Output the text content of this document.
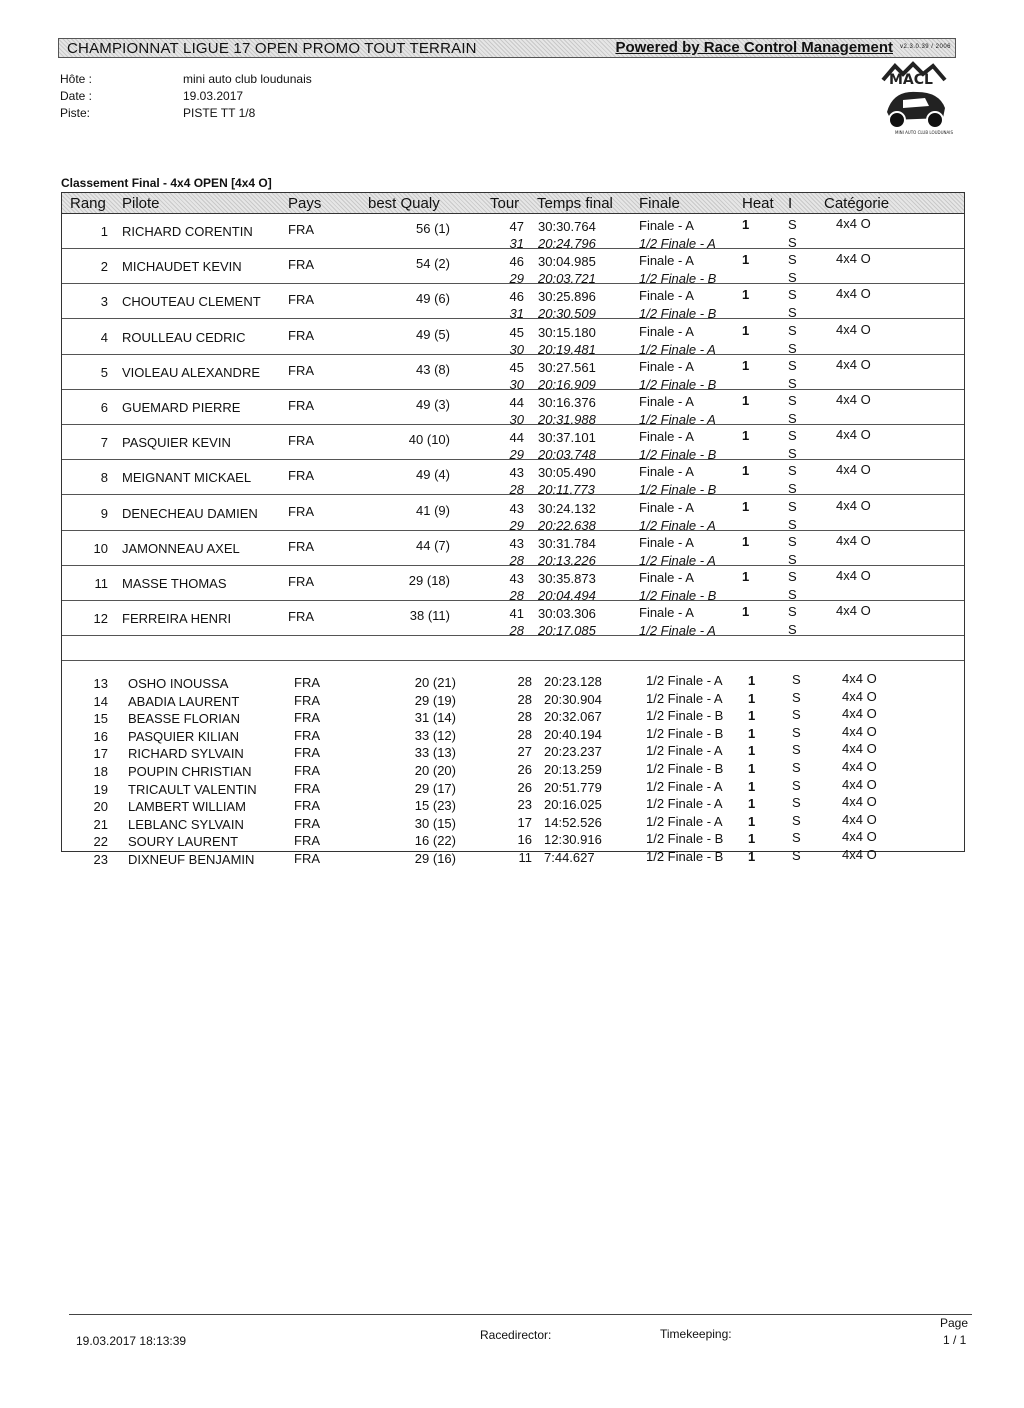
CHAMPIONNAT LIGUE 17 OPEN PROMO TOUT TERRAIN	Powered by Race Control Management v2.3.0.39 / 2006
Hôte :	mini auto club loudunais
Date :	19.03.2017
Piste:	PISTE TT 1/8
MACL
MINI AUTO CLUB LOUDUNAIS
Classement Final - 4x4 OPEN [4x4 O]
Rang Pilote	Pays	best Qualy	Tour Temps final Finale	Heat I Catégorie
1 RICHARD CORENTIN	FRA	56 (1)	47 30:30.764	Finale - A	1	S	4x4 O
31 20:24.796	1/2 Finale - A	S
2 MICHAUDET KEVIN	FRA	54 (2)	46 30:04.985	Finale - A	1	S	4x4 O
29 20:03.721	1/2 Finale - B	S
3 CHOUTEAU CLEMENT FRA	49 (6)	46 30:25.896	Finale - A	1	S	4x4 O
31 20:30.509	1/2 Finale - B	S
4 ROULLEAU CEDRIC	FRA	49 (5)	45 30:15.180	Finale - A	1	S	4x4 O
30 20:19.481	1/2 Finale - A	S
5 VIOLEAU ALEXANDRE FRA	43 (8)	45 30:27.561	Finale - A	1	S	4x4 O
30 20:16.909	1/2 Finale - B	S
6 GUEMARD PIERRE	FRA	49 (3)	44 30:16.376	Finale - A	1	S	4x4 O
30 20:31.988	1/2 Finale - A	S
7 PASQUIER KEVIN	FRA	40 (10)	44 30:37.101	Finale - A	1	S	4x4 O
29 20:03.748	1/2 Finale - B	S
8 MEIGNANT MICKAEL	FRA	49 (4)	43 30:05.490	Finale - A	1	S	4x4 O
28 20:11.773	1/2 Finale - B	S
9 DENECHEAU DAMIEN FRA	41 (9)	43 30:24.132	Finale - A	1	S	4x4 O
29 20:22.638	1/2 Finale - A	S
10 JAMONNEAU AXEL	FRA	44 (7)	43 30:31.784	Finale - A	1	S	4x4 O
28 20:13.226	1/2 Finale - A	S
11 MASSE THOMAS	FRA	29 (18)	43 30:35.873	Finale - A	1	S	4x4 O
28 20:04.494	1/2 Finale - B	S
12 FERREIRA HENRI	FRA	38 (11)	41 30:03.306	Finale - A	1	S	4x4 O
28 20:17.085	1/2 Finale - A	S
13 OSHO INOUSSA	FRA	20 (21)	28 20:23.128	1/2 Finale - A 1	S	4x4 O
14 ABADIA LAURENT	FRA	29 (19)	28 20:30.904	1/2 Finale - A 1	S	4x4 O
15 BEASSE FLORIAN	FRA	31 (14)	28 20:32.067	1/2 Finale - B 1	S	4x4 O
16 PASQUIER KILIAN	FRA	33 (12)	28 20:40.194	1/2 Finale - B 1	S	4x4 O
17 RICHARD SYLVAIN	FRA	33 (13)	27 20:23.237	1/2 Finale - A 1	S	4x4 O
18 POUPIN CHRISTIAN	FRA	20 (20)	26 20:13.259	1/2 Finale - B 1	S	4x4 O
19 TRICAULT VALENTIN	FRA	29 (17)	26 20:51.779	1/2 Finale - A 1	S	4x4 O
20 LAMBERT WILLIAM	FRA	15 (23)	23 20:16.025	1/2 Finale - A 1	S	4x4 O
21 LEBLANC SYLVAIN	FRA	30 (15)	17 14:52.526	1/2 Finale - A 1	S	4x4 O
22 SOURY LAURENT	FRA	16 (22)	16 12:30.916	1/2 Finale - B 1	S	4x4 O
23 DIXNEUF BENJAMIN	FRA	29 (16)	11 7:44.627	1/2 Finale - B 1	S	4x4 O
19.03.2017 18:13:39	Racedirector:	Timekeeping:
Page
1 / 1
